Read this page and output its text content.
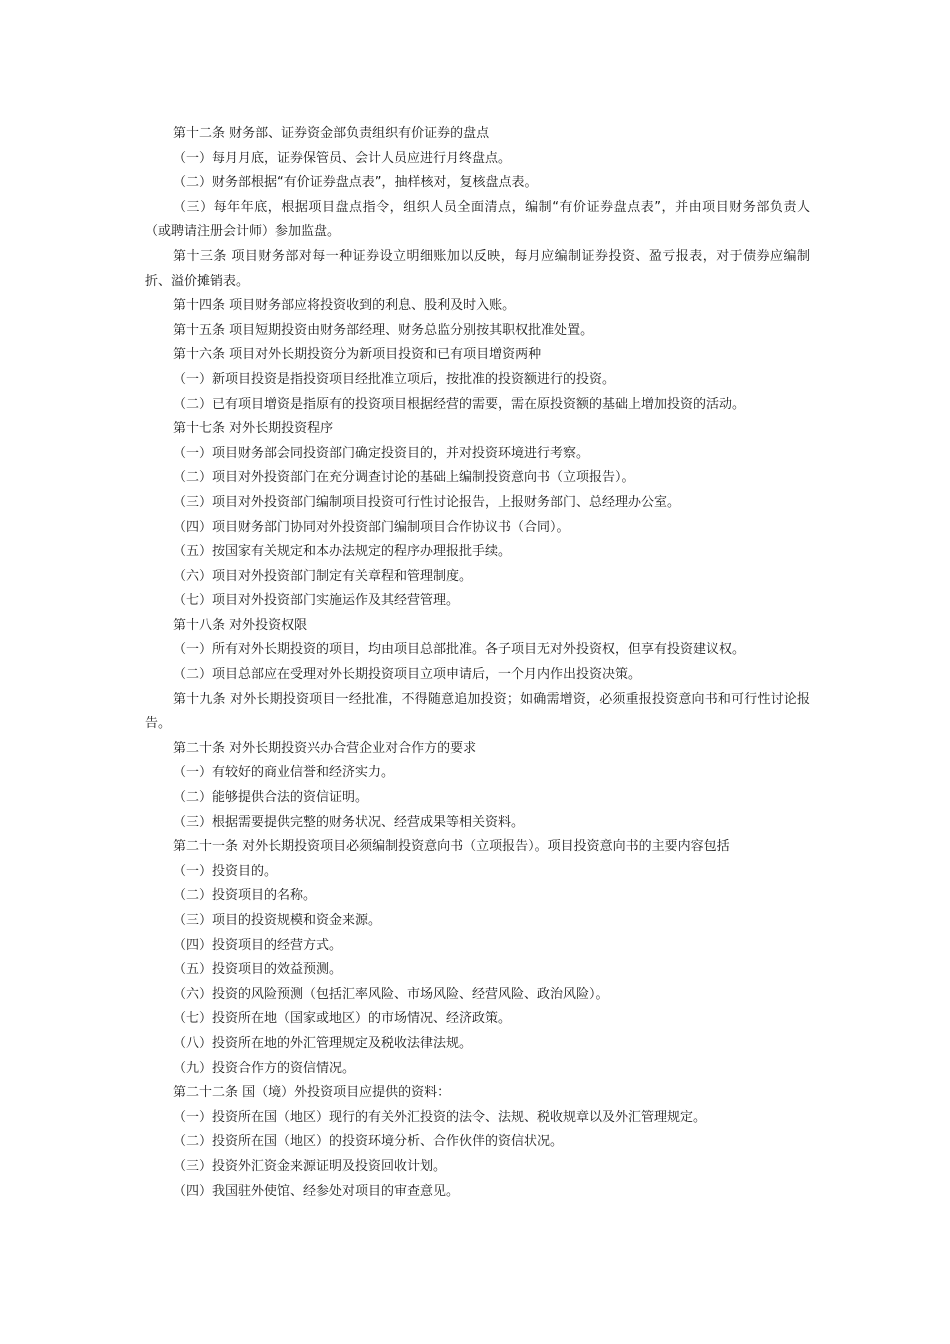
第十二条 财务部、证券资金部负责组织有价证券的盘点

（一）每月月底，证券保管员、会计人员应进行月终盘点。

（二）财务部根据“有价证券盘点表”，抽样核对，复核盘点表。

（三）每年年底，根据项目盘点指令，组织人员全面清点，编制“有价证券盘点表”，并由项目财务部负责人（或聘请注册会计师）参加监盘。

第十三条 项目财务部对每一种证券设立明细账加以反映，每月应编制证券投资、盈亏报表，对于债券应编制折、溢价摊销表。

第十四条 项目财务部应将投资收到的利息、股利及时入账。

第十五条 项目短期投资由财务部经理、财务总监分别按其职权批准处置。

第十六条 项目对外长期投资分为新项目投资和已有项目增资两种

（一）新项目投资是指投资项目经批准立项后，按批准的投资额进行的投资。

（二）已有项目增资是指原有的投资项目根据经营的需要，需在原投资额的基础上增加投资的活动。

第十七条 对外长期投资程序

（一）项目财务部会同投资部门确定投资目的，并对投资环境进行考察。

（二）项目对外投资部门在充分调查讨论的基础上编制投资意向书（立项报告）。

（三）项目对外投资部门编制项目投资可行性讨论报告，上报财务部门、总经理办公室。

（四）项目财务部门协同对外投资部门编制项目合作协议书（合同）。

（五）按国家有关规定和本办法规定的程序办理报批手续。

（六）项目对外投资部门制定有关章程和管理制度。

（七）项目对外投资部门实施运作及其经营管理。

第十八条 对外投资权限

（一）所有对外长期投资的项目，均由项目总部批准。各子项目无对外投资权，但享有投资建议权。

（二）项目总部应在受理对外长期投资项目立项申请后，一个月内作出投资决策。

第十九条 对外长期投资项目一经批准，不得随意追加投资；如确需增资，必须重报投资意向书和可行性讨论报告。

第二十条 对外长期投资兴办合营企业对合作方的要求

（一）有较好的商业信誉和经济实力。

（二）能够提供合法的资信证明。

（三）根据需要提供完整的财务状况、经营成果等相关资料。

第二十一条 对外长期投资项目必须编制投资意向书（立项报告）。项目投资意向书的主要内容包括

（一）投资目的。

（二）投资项目的名称。

（三）项目的投资规模和资金来源。

（四）投资项目的经营方式。

（五）投资项目的效益预测。

（六）投资的风险预测（包括汇率风险、市场风险、经营风险、政治风险）。

（七）投资所在地（国家或地区）的市场情况、经济政策。

（八）投资所在地的外汇管理规定及税收法律法规。

（九）投资合作方的资信情况。

第二十二条 国（境）外投资项目应提供的资料：

（一）投资所在国（地区）现行的有关外汇投资的法令、法规、税收规章以及外汇管理规定。

（二）投资所在国（地区）的投资环境分析、合作伙伴的资信状况。

（三）投资外汇资金来源证明及投资回收计划。

（四）我国驻外使馆、经参处对项目的审查意见。
